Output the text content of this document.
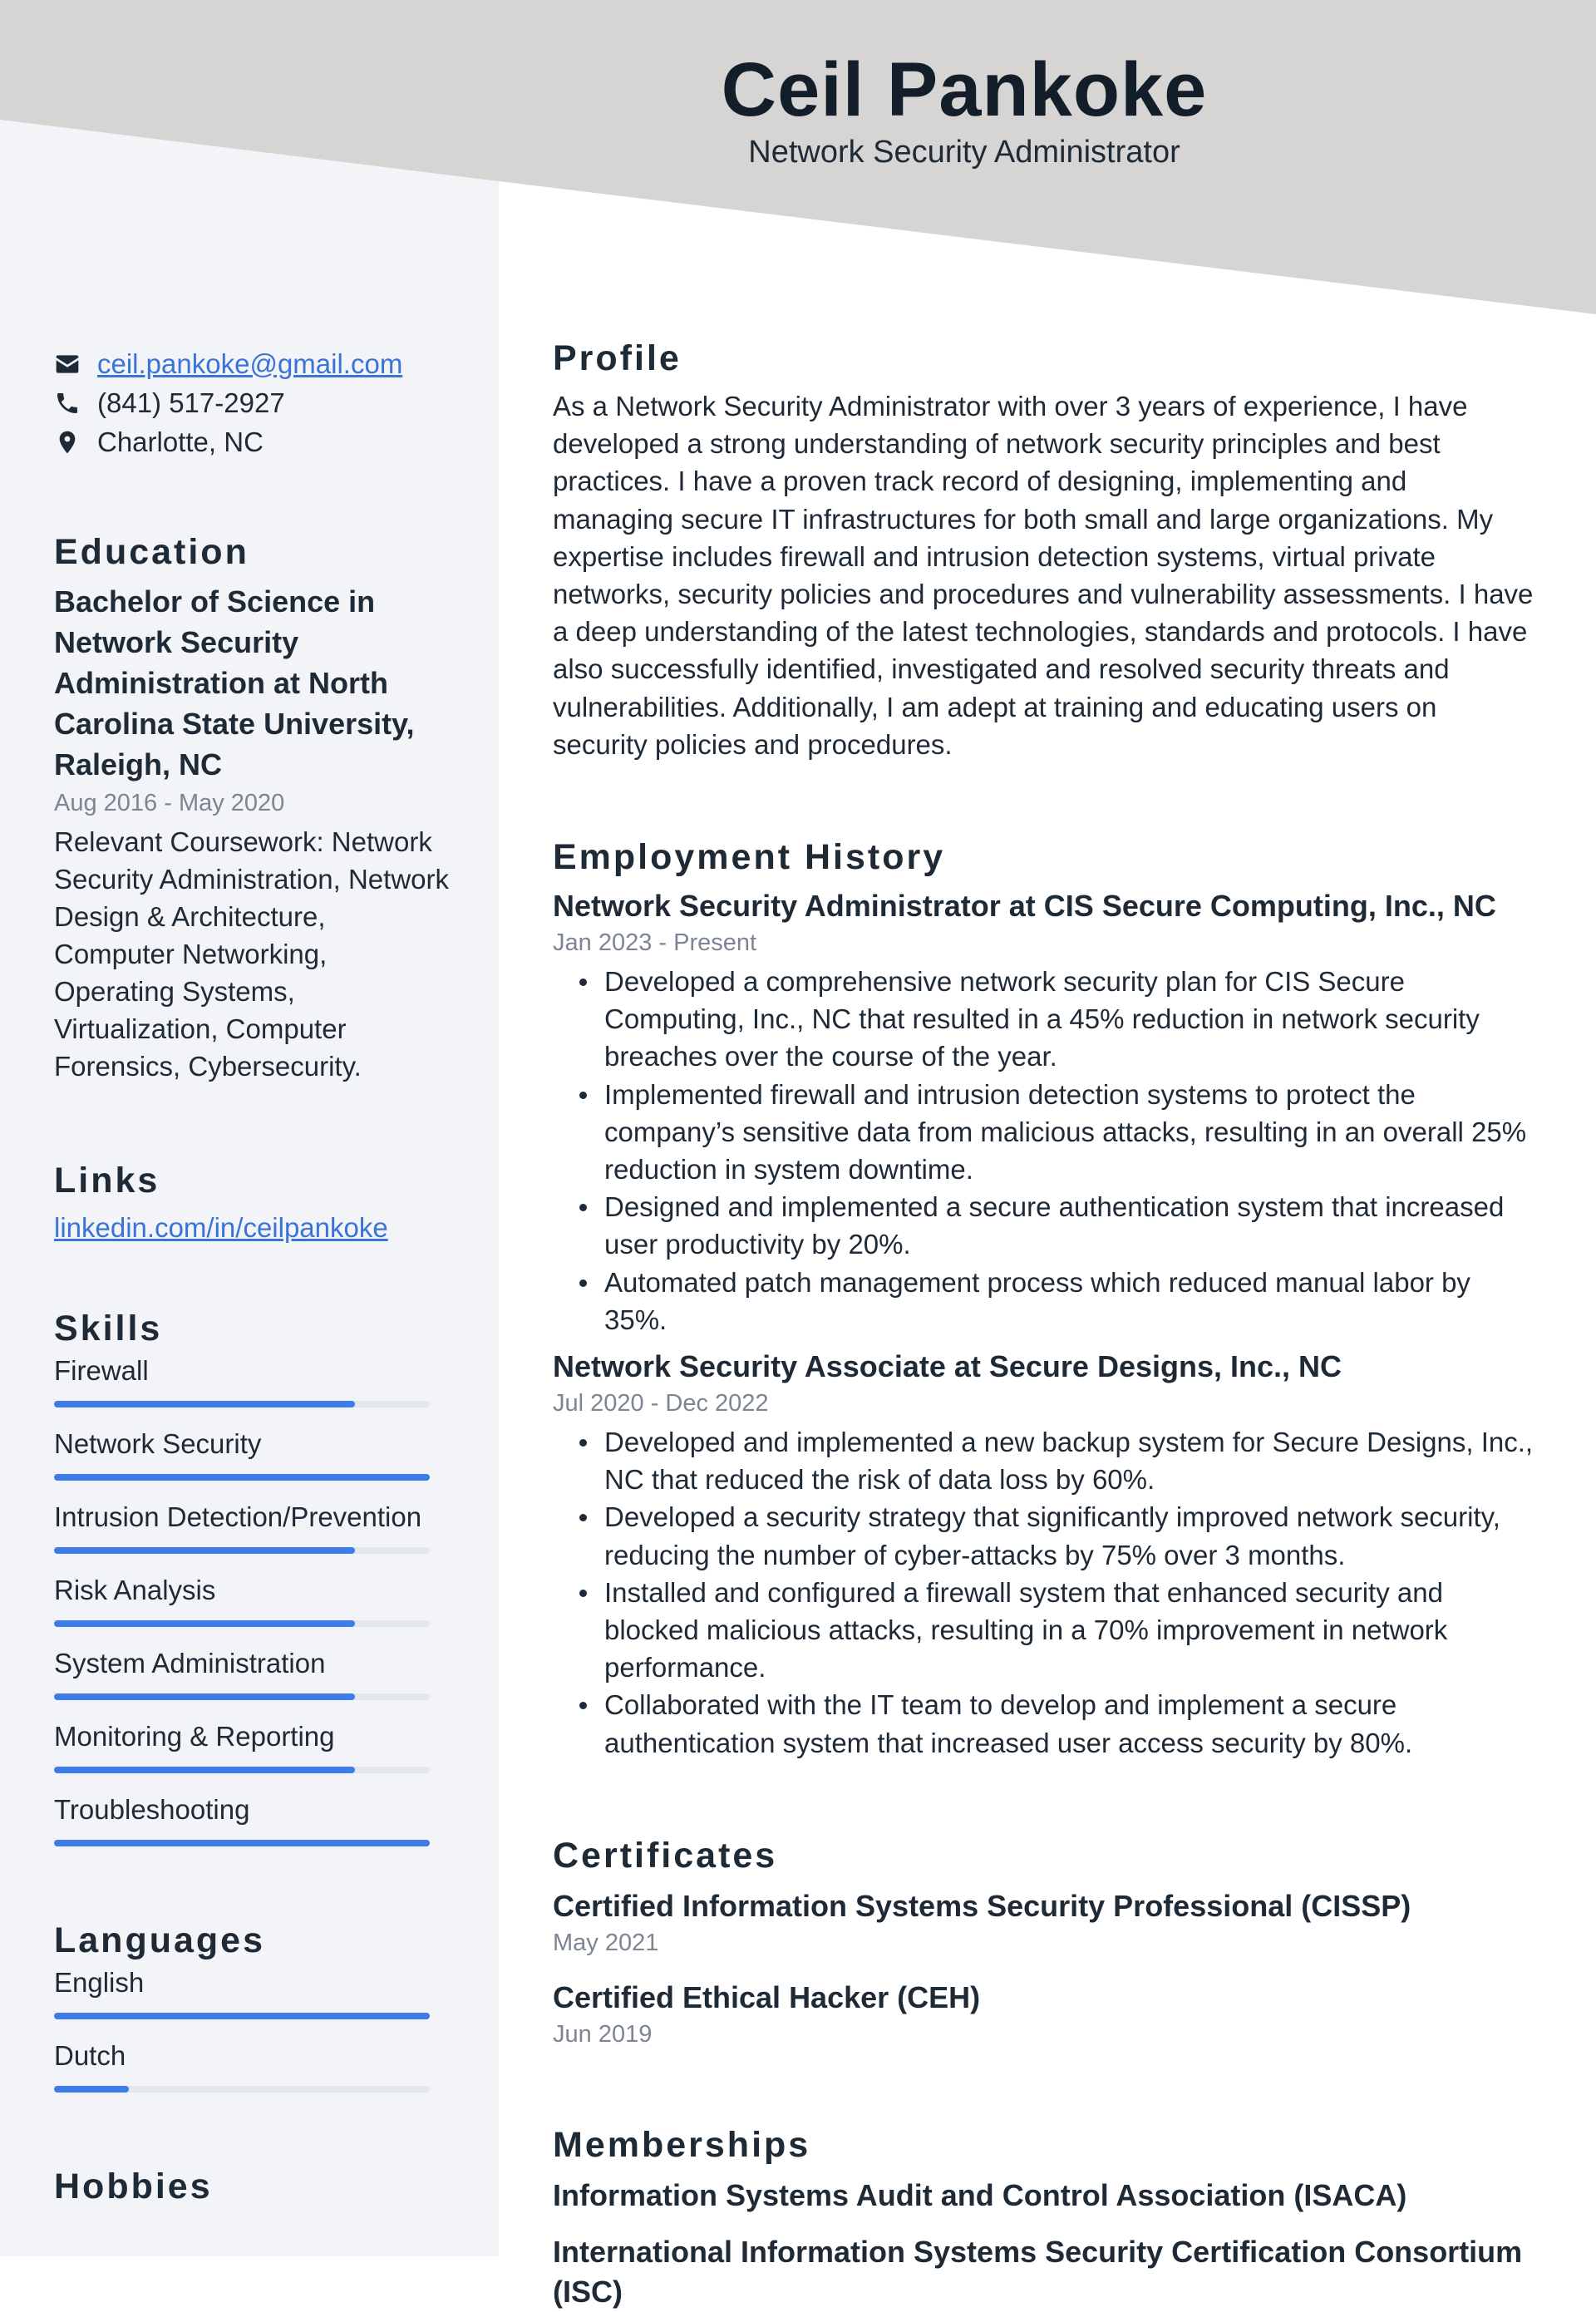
Ceil Pankoke
Network Security Administrator
ceil.pankoke@gmail.com
(841) 517-2927
Charlotte, NC
Education
Bachelor of Science in Network Security Administration at North Carolina State University, Raleigh, NC
Aug 2016 - May 2020
Relevant Coursework: Network Security Administration, Network Design & Architecture, Computer Networking, Operating Systems, Virtualization, Computer Forensics, Cybersecurity.
Links
linkedin.com/in/ceilpankoke
Skills
Firewall
Network Security
Intrusion Detection/Prevention
Risk Analysis
System Administration
Monitoring & Reporting
Troubleshooting
Languages
English
Dutch
Hobbies
Profile
As a Network Security Administrator with over 3 years of experience, I have developed a strong understanding of network security principles and best practices. I have a proven track record of designing, implementing and managing secure IT infrastructures for both small and large organizations. My expertise includes firewall and intrusion detection systems, virtual private networks, security policies and procedures and vulnerability assessments. I have a deep understanding of the latest technologies, standards and protocols. I have also successfully identified, investigated and resolved security threats and vulnerabilities. Additionally, I am adept at training and educating users on security policies and procedures.
Employment History
Network Security Administrator at CIS Secure Computing, Inc., NC
Jan 2023 - Present
Developed a comprehensive network security plan for CIS Secure Computing, Inc., NC that resulted in a 45% reduction in network security breaches over the course of the year.
Implemented firewall and intrusion detection systems to protect the company’s sensitive data from malicious attacks, resulting in an overall 25% reduction in system downtime.
Designed and implemented a secure authentication system that increased user productivity by 20%.
Automated patch management process which reduced manual labor by 35%.
Network Security Associate at Secure Designs, Inc., NC
Jul 2020 - Dec 2022
Developed and implemented a new backup system for Secure Designs, Inc., NC that reduced the risk of data loss by 60%.
Developed a security strategy that significantly improved network security, reducing the number of cyber-attacks by 75% over 3 months.
Installed and configured a firewall system that enhanced security and blocked malicious attacks, resulting in a 70% improvement in network performance.
Collaborated with the IT team to develop and implement a secure authentication system that increased user access security by 80%.
Certificates
Certified Information Systems Security Professional (CISSP)
May 2021
Certified Ethical Hacker (CEH)
Jun 2019
Memberships
Information Systems Audit and Control Association (ISACA)
International Information Systems Security Certification Consortium (ISC)
